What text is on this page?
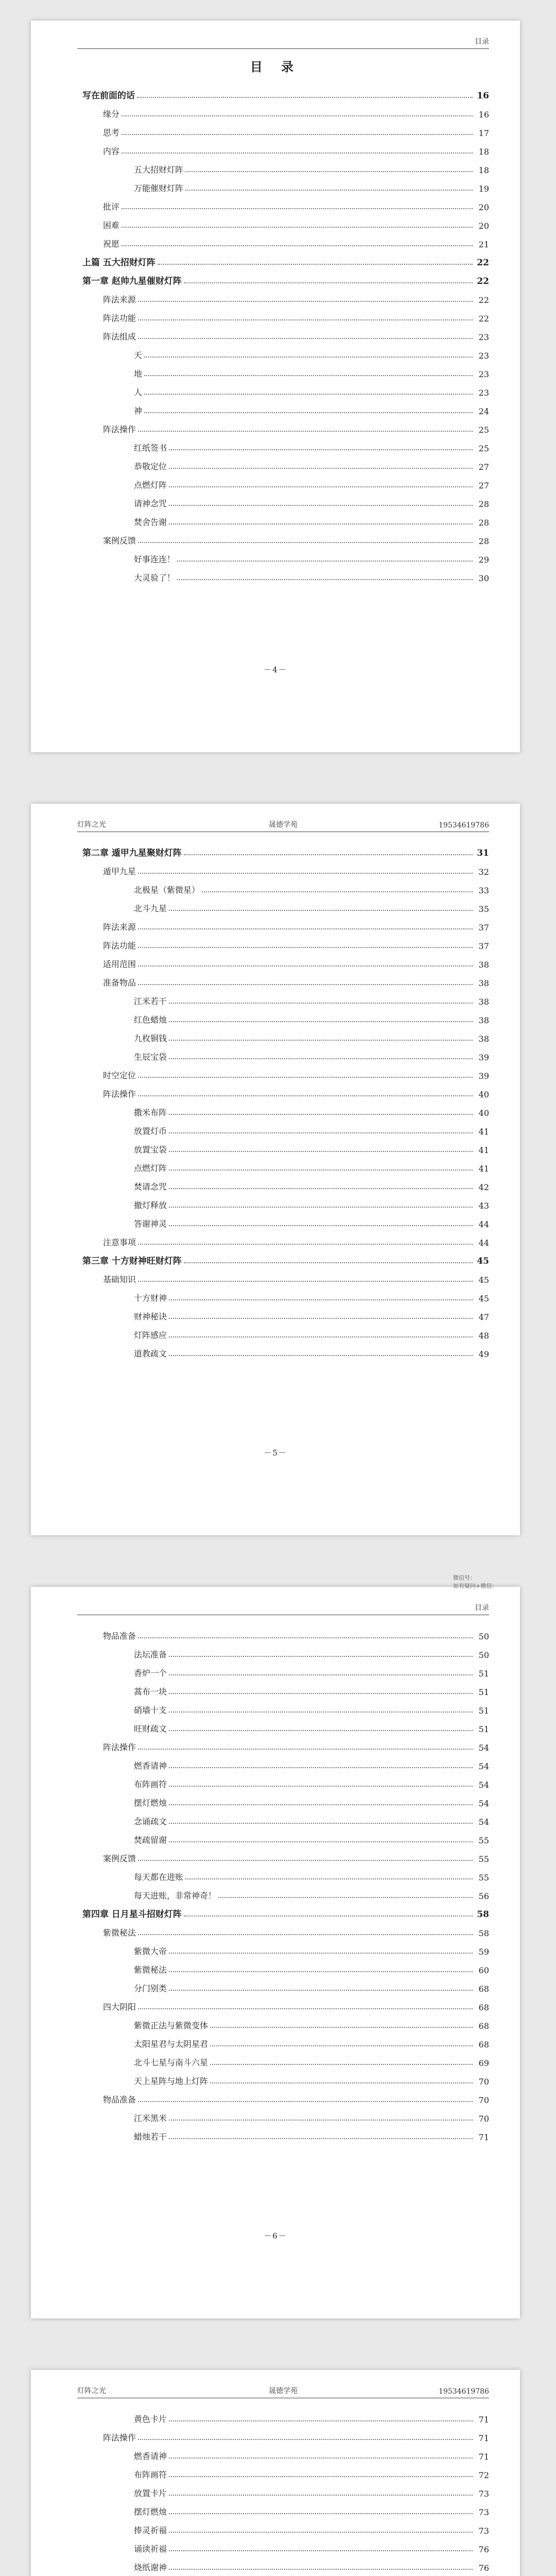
目录
目 录
写在前面的话	16
缘分	16
思考	17
内容	18
五大招财灯阵	18
万能催财灯阵	19
批评	20
困难	20
祝愿	21
上篇 五大招财灯阵	22
第一章 赵帅九星催财灯阵	22
阵法来源	22
阵法功能	22
阵法组成	23
天	23
地	23
人	23
神	24
阵法操作	25
红纸签书	25
恭敬定位	27
点燃灯阵	27
请神念咒	28
焚舍告谢	28
案例反馈	28
好事连连！	29
大灵验了！	30
－4－
灯阵之光	晟德学苑	19534619786
第二章 遁甲九星聚财灯阵	31
遁甲九星	32
北极星（紫微星）	33
北斗九星	35
阵法来源	37
阵法功能	37
适用范围	38
准备物品	38
江米若干	38
红色蜡烛	38
九枚铜钱	38
生辰宝袋	39
时空定位	39
阵法操作	40
撒米布阵	40
放置灯币	41
放置宝袋	41
点燃灯阵	41
焚请念咒	42
撤灯释放	43
答谢神灵	44
注意事项	44
第三章 十方财神旺财灯阵	45
基础知识	45
十方财神	45
财神秘诀	47
灯阵感应	48
道教疏文	49
－5－
目录
物品准备	50
法坛准备	50
香炉一个	51
蒿布一块	51
硝墙十支	51
旺财疏文	51
阵法操作	54
燃香请神	54
布阵画符	54
摆灯燃烛	54
念诵疏文	54
焚疏留谢	55
案例反馈	55
每天都在进账	55
每天进账，非常神奇！	56
第四章 日月星斗招财灯阵	58
紫微秘法	58
紫微大帝	59
紫微秘法	60
分门别类	68
四大阴阳	68
紫微正法与紫微变体	68
太阳星君与太阴星君	68
北斗七星与南斗六星	69
天上星阵与地上灯阵	70
物品准备	70
江米黑米	70
蜡烛若干	71
－6－
灯阵之光	晟德学苑	19534619786
黄色卡片	71
阵法操作	71
燃香请神	71
布阵画符	72
放置卡片	73
摆灯燃烛	73
捧灵祈福	73
诵读祈福	76
烧纸谢神	76
微信号：
如有疑问+微信：
